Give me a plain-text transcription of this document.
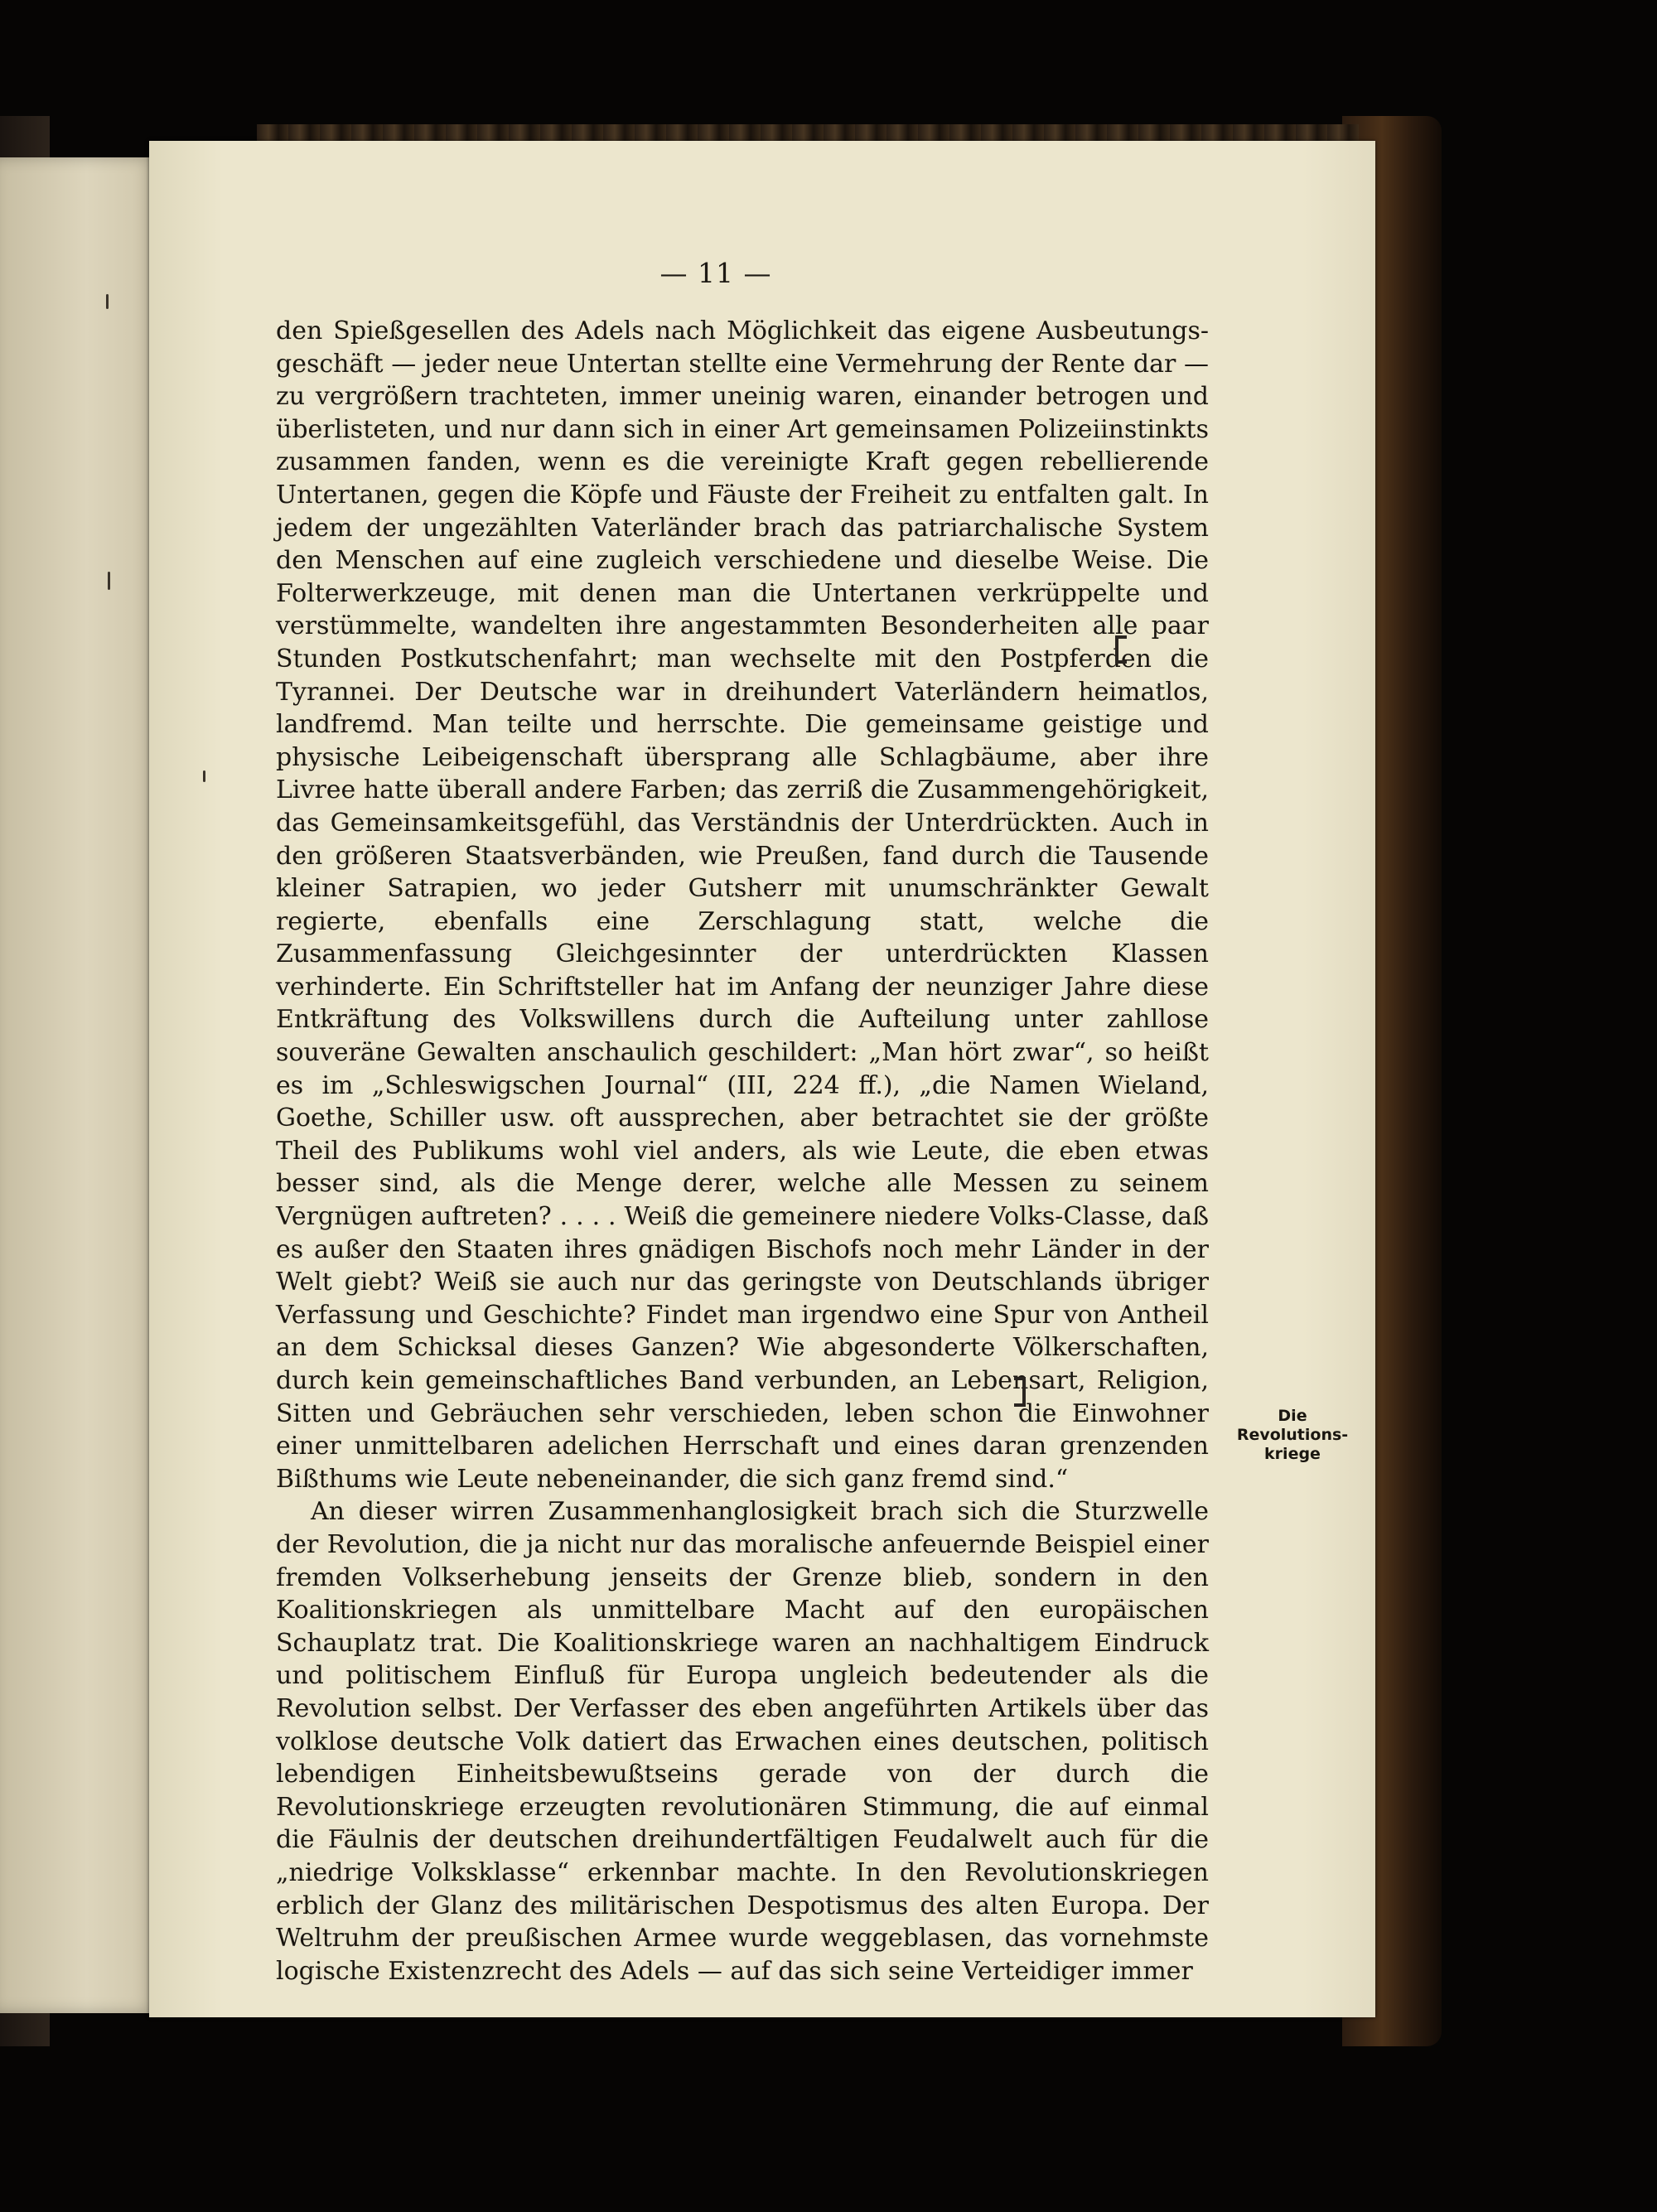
— 11 —

den Spießgesellen des Adels nach Möglichkeit das eigene Ausbeutungs-geschäft — jeder neue Untertan stellte eine Vermehrung der Rente dar — zu vergrößern trachteten, immer uneinig waren, einander betrogen und überlisteten, und nur dann sich in einer Art gemeinsamen Polizeiinstinkts zusammen fanden, wenn es die vereinigte Kraft gegen rebellierende Untertanen, gegen die Köpfe und Fäuste der Freiheit zu entfalten galt. In jedem der ungezählten Vaterländer brach das patriarchalische System den Menschen auf eine zugleich verschiedene und dieselbe Weise. Die Folterwerkzeuge, mit denen man die Untertanen verkrüppelte und verstümmelte, wandelten ihre angestammten Besonderheiten alle paar Stunden Postkutschenfahrt; man wechselte mit den Postpferden die Tyrannei. Der Deutsche war in dreihundert Vaterländern heimatlos, landfremd. Man teilte und herrschte. Die gemeinsame geistige und physische Leibeigenschaft übersprang alle Schlagbäume, aber ihre Livree hatte überall andere Farben; das zerriß die Zusammengehörigkeit, das Gemeinsamkeitsgefühl, das Verständnis der Unterdrückten. Auch in den größeren Staatsverbänden, wie Preußen, fand durch die Tausende kleiner Satrapien, wo jeder Gutsherr mit unumschränkter Gewalt regierte, ebenfalls eine Zerschlagung statt, welche die Zusammenfassung Gleichgesinnter der unterdrückten Klassen verhinderte. Ein Schriftsteller hat im Anfang der neunziger Jahre diese Entkräftung des Volkswillens durch die Aufteilung unter zahllose souveräne Gewalten anschaulich geschildert: „Man hört zwar“, so heißt es im „Schleswigschen Journal“ (III, 224 ff.), „die Namen Wieland, Goethe, Schiller usw. oft aussprechen, aber betrachtet sie der größte Theil des Publikums wohl viel anders, als wie Leute, die eben etwas besser sind, als die Menge derer, welche alle Messen zu seinem Vergnügen auftreten? . . . . Weiß die gemeinere niedere Volks-Classe, daß es außer den Staaten ihres gnädigen Bischofs noch mehr Länder in der Welt giebt? Weiß sie auch nur das geringste von Deutschlands übriger Verfassung und Geschichte? Findet man irgendwo eine Spur von Antheil an dem Schicksal dieses Ganzen? Wie abgesonderte Völkerschaften, durch kein gemeinschaftliches Band verbunden, an Lebensart, Religion, Sitten und Gebräuchen sehr verschieden, leben schon die Einwohner einer unmittelbaren adelichen Herrschaft und eines daran grenzenden Bißthums wie Leute nebeneinander, die sich ganz fremd sind.“

An dieser wirren Zusammenhanglosigkeit brach sich die Sturzwelle der Revolution, die ja nicht nur das moralische anfeuernde Beispiel einer fremden Volkserhebung jenseits der Grenze blieb, sondern in den Koalitionskriegen als unmittelbare Macht auf den europäischen Schauplatz trat. Die Koalitionskriege waren an nachhaltigem Eindruck und politischem Einfluß für Europa ungleich bedeutender als die Revolution selbst. Der Verfasser des eben angeführten Artikels über das volklose deutsche Volk datiert das Erwachen eines deutschen, politisch lebendigen Einheitsbewußtseins gerade von der durch die Revolutionskriege erzeugten revolutionären Stimmung, die auf einmal die Fäulnis der deutschen dreihundertfältigen Feudalwelt auch für die „niedrige Volksklasse“ erkennbar machte. In den Revolutionskriegen erblich der Glanz des militärischen Despotismus des alten Europa. Der Weltruhm der preußischen Armee wurde weggeblasen, das vornehmste logische Existenzrecht des Adels — auf das sich seine Verteidiger immer

Die
Revolutions-
kriege
